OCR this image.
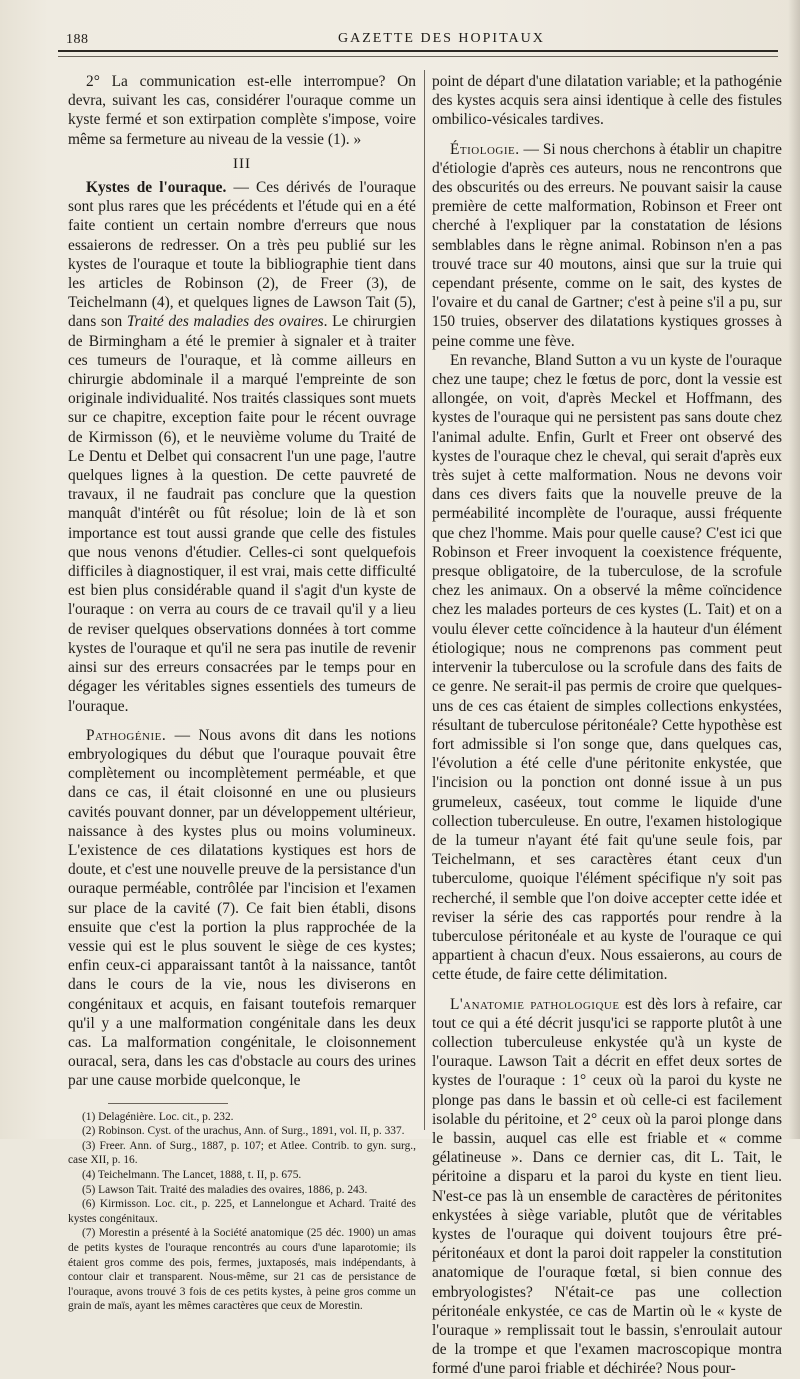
188	GAZETTE DES HOPITAUX

2° La communication est-elle interrompue? On devra, suivant les cas, considérer l'ouraque comme un kyste fermé et son extirpation complète s'impose, voire même sa fermeture au niveau de la vessie (1). »

III

Kystes de l'ouraque. — Ces dérivés de l'ouraque sont plus rares que les précédents et l'étude qui en a été faite contient un certain nombre d'erreurs que nous essaierons de redresser. On a très peu publié sur les kystes de l'ouraque et toute la bibliographie tient dans les articles de Robinson (2), de Freer (3), de Teichelmann (4), et quelques lignes de Lawson Tait (5), dans son Traité des maladies des ovaires. Le chirurgien de Birmingham a été le premier à signaler et à traiter ces tumeurs de l'ouraque, et là comme ailleurs en chirurgie abdominale il a marqué l'empreinte de son originale individualité. Nos traités classiques sont muets sur ce chapitre, exception faite pour le récent ouvrage de Kirmisson (6), et le neuvième volume du Traité de Le Dentu et Delbet qui consacrent l'un une page, l'autre quelques lignes à la question. De cette pauvreté de travaux, il ne faudrait pas conclure que la question manquât d'intérêt ou fût résolue; loin de là et son importance est tout aussi grande que celle des fistules que nous venons d'étudier. Celles-ci sont quelquefois difficiles à diagnostiquer, il est vrai, mais cette difficulté est bien plus considérable quand il s'agit d'un kyste de l'ouraque : on verra au cours de ce travail qu'il y a lieu de reviser quelques observations données à tort comme kystes de l'ouraque et qu'il ne sera pas inutile de revenir ainsi sur des erreurs consacrées par le temps pour en dégager les véritables signes essentiels des tumeurs de l'ouraque.

Pathogénie. — Nous avons dit dans les notions embryologiques du début que l'ouraque pouvait être complètement ou incomplètement perméable, et que dans ce cas, il était cloisonné en une ou plusieurs cavités pouvant donner, par un développement ultérieur, naissance à des kystes plus ou moins volumineux. L'existence de ces dilatations kystiques est hors de doute, et c'est une nouvelle preuve de la persistance d'un ouraque perméable, contrôlée par l'incision et l'examen sur place de la cavité (7). Ce fait bien établi, disons ensuite que c'est la portion la plus rapprochée de la vessie qui est le plus souvent le siège de ces kystes; enfin ceux-ci apparaissant tantôt à la naissance, tantôt dans le cours de la vie, nous les diviserons en congénitaux et acquis, en faisant toutefois remarquer qu'il y a une malformation congénitale dans les deux cas. La malformation congénitale, le cloisonnement ouracal, sera, dans les cas d'obstacle au cours des urines par une cause morbide quelconque, le

(1) Delagénière. Loc. cit., p. 232.

(2) Robinson. Cyst. of the urachus, Ann. of Surg., 1891, vol. II, p. 337.

(3) Freer. Ann. of Surg., 1887, p. 107; et Atlee. Contrib. to gyn. surg., case XII, p. 16.

(4) Teichelmann. The Lancet, 1888, t. II, p. 675.

(5) Lawson Tait. Traité des maladies des ovaires, 1886, p. 243.

(6) Kirmisson. Loc. cit., p. 225, et Lannelongue et Achard. Traité des kystes congénitaux.

(7) Morestin a présenté à la Société anatomique (25 déc. 1900) un amas de petits kystes de l'ouraque rencontrés au cours d'une laparotomie; ils étaient gros comme des pois, fermes, juxtaposés, mais indépendants, à contour clair et transparent. Nous-même, sur 21 cas de persistance de l'ouraque, avons trouvé 3 fois de ces petits kystes, à peine gros comme un grain de maïs, ayant les mêmes caractères que ceux de Morestin.

point de départ d'une dilatation variable; et la pathogénie des kystes acquis sera ainsi identique à celle des fistules ombilico-vésicales tardives.

Étiologie. — Si nous cherchons à établir un chapitre d'étiologie d'après ces auteurs, nous ne rencontrons que des obscurités ou des erreurs. Ne pouvant saisir la cause première de cette malformation, Robinson et Freer ont cherché à l'expliquer par la constatation de lésions semblables dans le règne animal. Robinson n'en a pas trouvé trace sur 40 moutons, ainsi que sur la truie qui cependant présente, comme on le sait, des kystes de l'ovaire et du canal de Gartner; c'est à peine s'il a pu, sur 150 truies, observer des dilatations kystiques grosses à peine comme une fève.

En revanche, Bland Sutton a vu un kyste de l'ouraque chez une taupe; chez le fœtus de porc, dont la vessie est allongée, on voit, d'après Meckel et Hoffmann, des kystes de l'ouraque qui ne persistent pas sans doute chez l'animal adulte. Enfin, Gurlt et Freer ont observé des kystes de l'ouraque chez le cheval, qui serait d'après eux très sujet à cette malformation. Nous ne devons voir dans ces divers faits que la nouvelle preuve de la perméabilité incomplète de l'ouraque, aussi fréquente que chez l'homme. Mais pour quelle cause? C'est ici que Robinson et Freer invoquent la coexistence fréquente, presque obligatoire, de la tuberculose, de la scrofule chez les animaux. On a observé la même coïncidence chez les malades porteurs de ces kystes (L. Tait) et on a voulu élever cette coïncidence à la hauteur d'un élément étiologique; nous ne comprenons pas comment peut intervenir la tuberculose ou la scrofule dans des faits de ce genre. Ne serait-il pas permis de croire que quelques-uns de ces cas étaient de simples collections enkystées, résultant de tuberculose péritonéale? Cette hypothèse est fort admissible si l'on songe que, dans quelques cas, l'évolution a été celle d'une péritonite enkystée, que l'incision ou la ponction ont donné issue à un pus grumeleux, caséeux, tout comme le liquide d'une collection tuberculeuse. En outre, l'examen histologique de la tumeur n'ayant été fait qu'une seule fois, par Teichelmann, et ses caractères étant ceux d'un tuberculome, quoique l'élément spécifique n'y soit pas recherché, il semble que l'on doive accepter cette idée et reviser la série des cas rapportés pour rendre à la tuberculose péritonéale et au kyste de l'ouraque ce qui appartient à chacun d'eux. Nous essaierons, au cours de cette étude, de faire cette délimitation.

L'anatomie pathologique est dès lors à refaire, car tout ce qui a été décrit jusqu'ici se rapporte plutôt à une collection tuberculeuse enkystée qu'à un kyste de l'ouraque. Lawson Tait a décrit en effet deux sortes de kystes de l'ouraque : 1° ceux où la paroi du kyste ne plonge pas dans le bassin et où celle-ci est facilement isolable du péritoine, et 2° ceux où la paroi plonge dans le bassin, auquel cas elle est friable et « comme gélatineuse ». Dans ce dernier cas, dit L. Tait, le péritoine a disparu et la paroi du kyste en tient lieu. N'est-ce pas là un ensemble de caractères de péritonites enkystées à siège variable, plutôt que de véritables kystes de l'ouraque qui doivent toujours être pré-péritonéaux et dont la paroi doit rappeler la constitution anatomique de l'ouraque fœtal, si bien connue des embryologistes? N'était-ce pas une collection péritonéale enkystée, ce cas de Martin où le « kyste de l'ouraque » remplissait tout le bassin, s'enroulait autour de la trompe et que l'examen macroscopique montra formé d'une paroi friable et déchirée? Nous pour-
